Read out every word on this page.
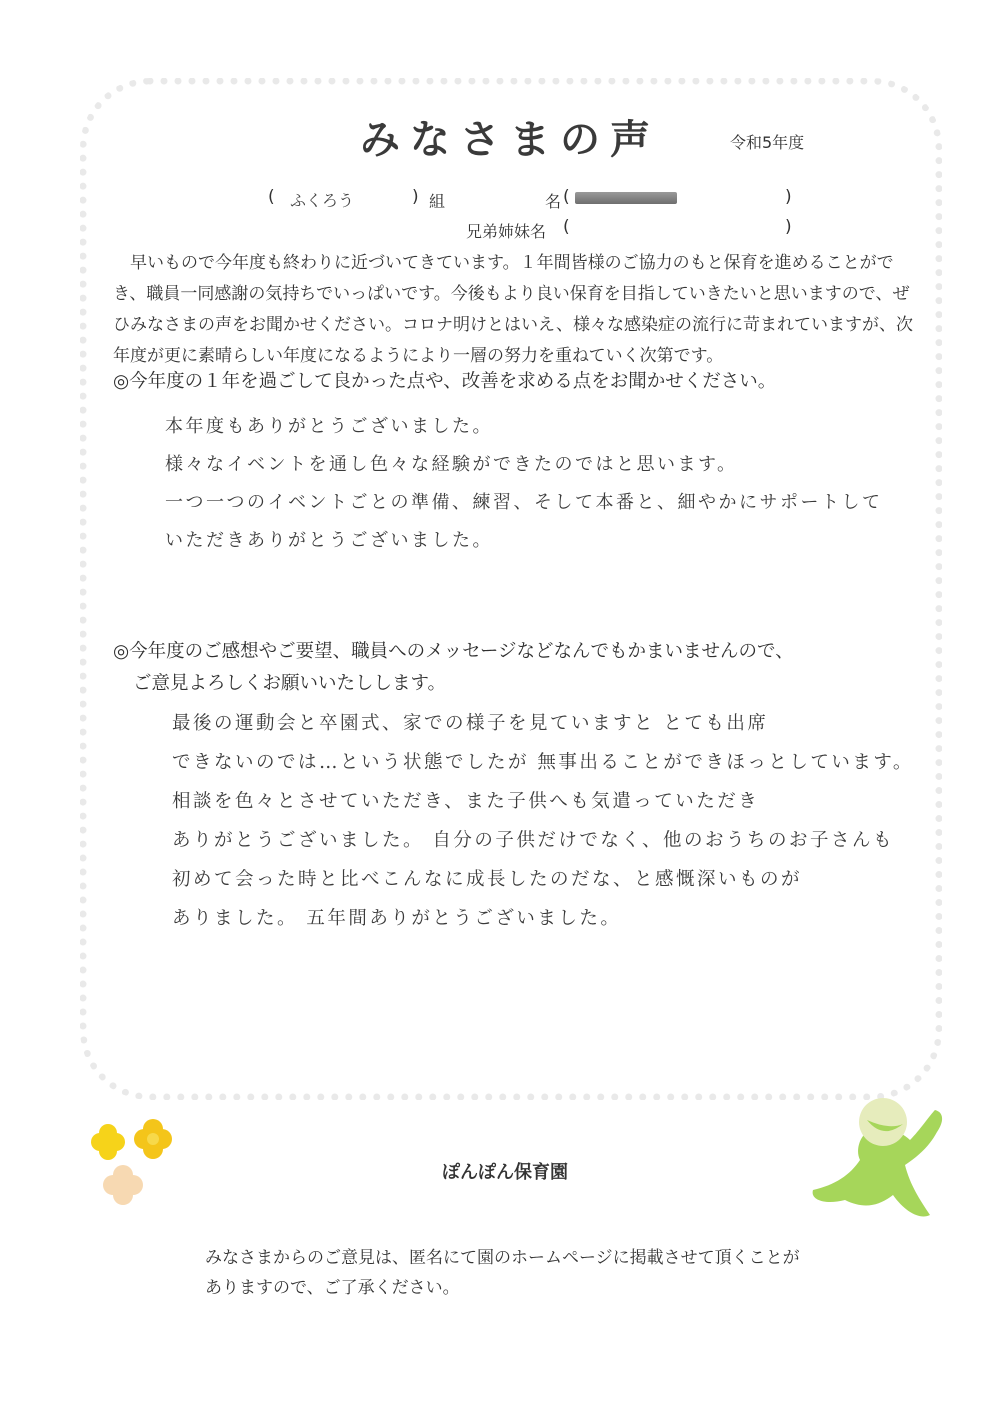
みなさまの声	令和5年度
( ふくろう	) 組	名 (	)
兄弟姉妹名 (	)
早いもので今年度も終わりに近づいてきています。１年間皆様のご協力のもと保育を進めることができ、職員一同感謝の気持ちでいっぱいです。今後もより良い保育を目指していきたいと思いますので、ぜひみなさまの声をお聞かせください。コロナ明けとはいえ、様々な感染症の流行に苛まれていますが、次年度が更に素晴らしい年度になるようにより一層の努力を重ねていく次第です。
◎今年度の１年を過ごして良かった点や、改善を求める点をお聞かせください。
本年度もありがとうございました。
様々なイベントを通し色々な経験ができたのではと思います。
一つ一つのイベントごとの準備、練習、そして本番と、細やかにサポートして
いただきありがとうございました。
◎今年度のご感想やご要望、職員へのメッセージなどなんでもかまいませんので、
ご意見よろしくお願いいたしします。
最後の運動会と卒園式、家での様子を見ていますと とても出席
できないのでは…という状態でしたが 無事出ることができほっとしています。
相談を色々とさせていただき、また子供へも気遣っていただき
ありがとうございました。 自分の子供だけでなく、他のおうちのお子さんも
初めて会った時と比べこんなに成長したのだな、と感慨深いものが
ありました。 五年間ありがとうございました。
ぽんぽん保育園
みなさまからのご意見は、匿名にて園のホームページに掲載させて頂くことが
ありますので、ご了承ください。
